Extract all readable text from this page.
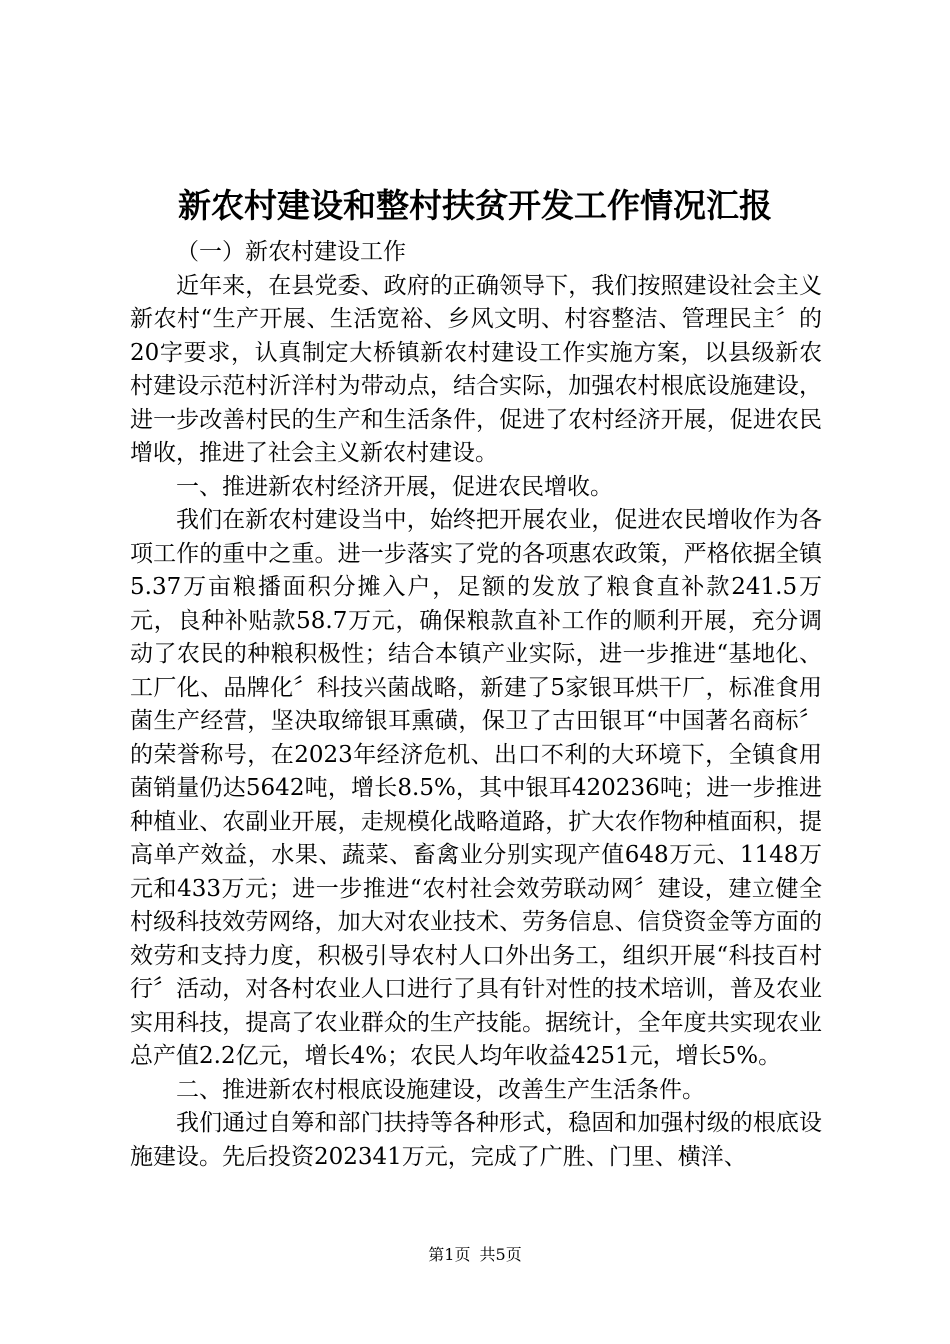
新农村建设和整村扶贫开发工作情况汇报

（一）新农村建设工作

近年来，在县党委、政府的正确领导下，我们按照建设社会主义新农村“生产开展、生活宽裕、乡风文明、村容整洁、管理民主〞的20字要求，认真制定大桥镇新农村建设工作实施方案，以县级新农村建设示范村沂洋村为带动点，结合实际，加强农村根底设施建设，进一步改善村民的生产和生活条件，促进了农村经济开展，促进农民增收，推进了社会主义新农村建设。

一、推进新农村经济开展，促进农民增收。

我们在新农村建设当中，始终把开展农业，促进农民增收作为各项工作的重中之重。进一步落实了党的各项惠农政策，严格依据全镇5.37万亩粮播面积分摊入户，足额的发放了粮食直补款241.5万元，良种补贴款58.7万元，确保粮款直补工作的顺利开展，充分调动了农民的种粮积极性；结合本镇产业实际，进一步推进“基地化、工厂化、品牌化〞科技兴菌战略，新建了5家银耳烘干厂，标准食用菌生产经营，坚决取缔银耳熏磺，保卫了古田银耳“中国著名商标〞的荣誉称号，在2023年经济危机、出口不利的大环境下，全镇食用菌销量仍达5642吨，增长8.5%，其中银耳420236吨；进一步推进种植业、农副业开展，走规模化战略道路，扩大农作物种植面积，提高单产效益，水果、蔬菜、畜禽业分别实现产值648万元、1148万元和433万元；进一步推进“农村社会效劳联动网〞建设，建立健全村级科技效劳网络，加大对农业技术、劳务信息、信贷资金等方面的效劳和支持力度，积极引导农村人口外出务工，组织开展“科技百村行〞活动，对各村农业人口进行了具有针对性的技术培训，普及农业实用科技，提高了农业群众的生产技能。据统计，全年度共实现农业总产值2.2亿元，增长4%；农民人均年收益4251元，增长5%。

二、推进新农村根底设施建设，改善生产生活条件。

我们通过自筹和部门扶持等各种形式，稳固和加强村级的根底设施建设。先后投资202341万元，完成了广胜、门里、横洋、

第1页 共5页
